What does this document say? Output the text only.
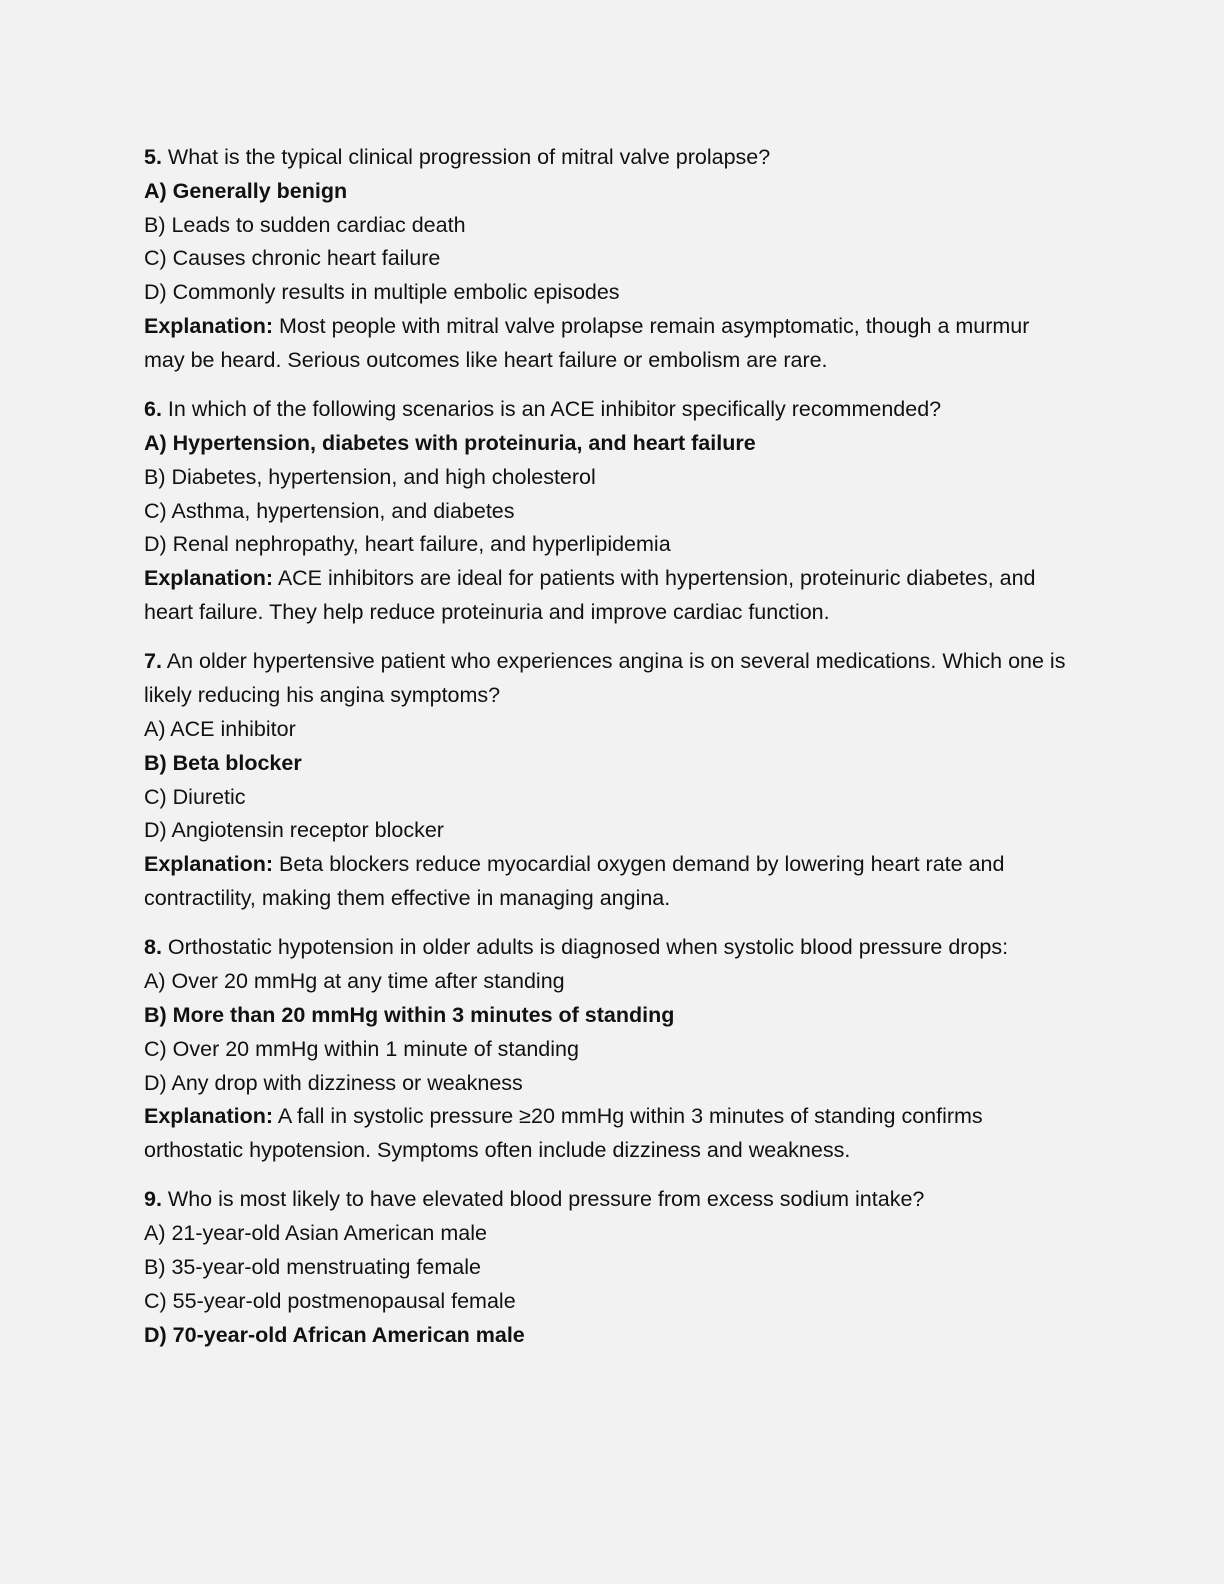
5. What is the typical clinical progression of mitral valve prolapse?
A) Generally benign
B) Leads to sudden cardiac death
C) Causes chronic heart failure
D) Commonly results in multiple embolic episodes
Explanation: Most people with mitral valve prolapse remain asymptomatic, though a murmur may be heard. Serious outcomes like heart failure or embolism are rare.
6. In which of the following scenarios is an ACE inhibitor specifically recommended?
A) Hypertension, diabetes with proteinuria, and heart failure
B) Diabetes, hypertension, and high cholesterol
C) Asthma, hypertension, and diabetes
D) Renal nephropathy, heart failure, and hyperlipidemia
Explanation: ACE inhibitors are ideal for patients with hypertension, proteinuric diabetes, and heart failure. They help reduce proteinuria and improve cardiac function.
7. An older hypertensive patient who experiences angina is on several medications. Which one is likely reducing his angina symptoms?
A) ACE inhibitor
B) Beta blocker
C) Diuretic
D) Angiotensin receptor blocker
Explanation: Beta blockers reduce myocardial oxygen demand by lowering heart rate and contractility, making them effective in managing angina.
8. Orthostatic hypotension in older adults is diagnosed when systolic blood pressure drops:
A) Over 20 mmHg at any time after standing
B) More than 20 mmHg within 3 minutes of standing
C) Over 20 mmHg within 1 minute of standing
D) Any drop with dizziness or weakness
Explanation: A fall in systolic pressure ≥20 mmHg within 3 minutes of standing confirms orthostatic hypotension. Symptoms often include dizziness and weakness.
9. Who is most likely to have elevated blood pressure from excess sodium intake?
A) 21-year-old Asian American male
B) 35-year-old menstruating female
C) 55-year-old postmenopausal female
D) 70-year-old African American male
